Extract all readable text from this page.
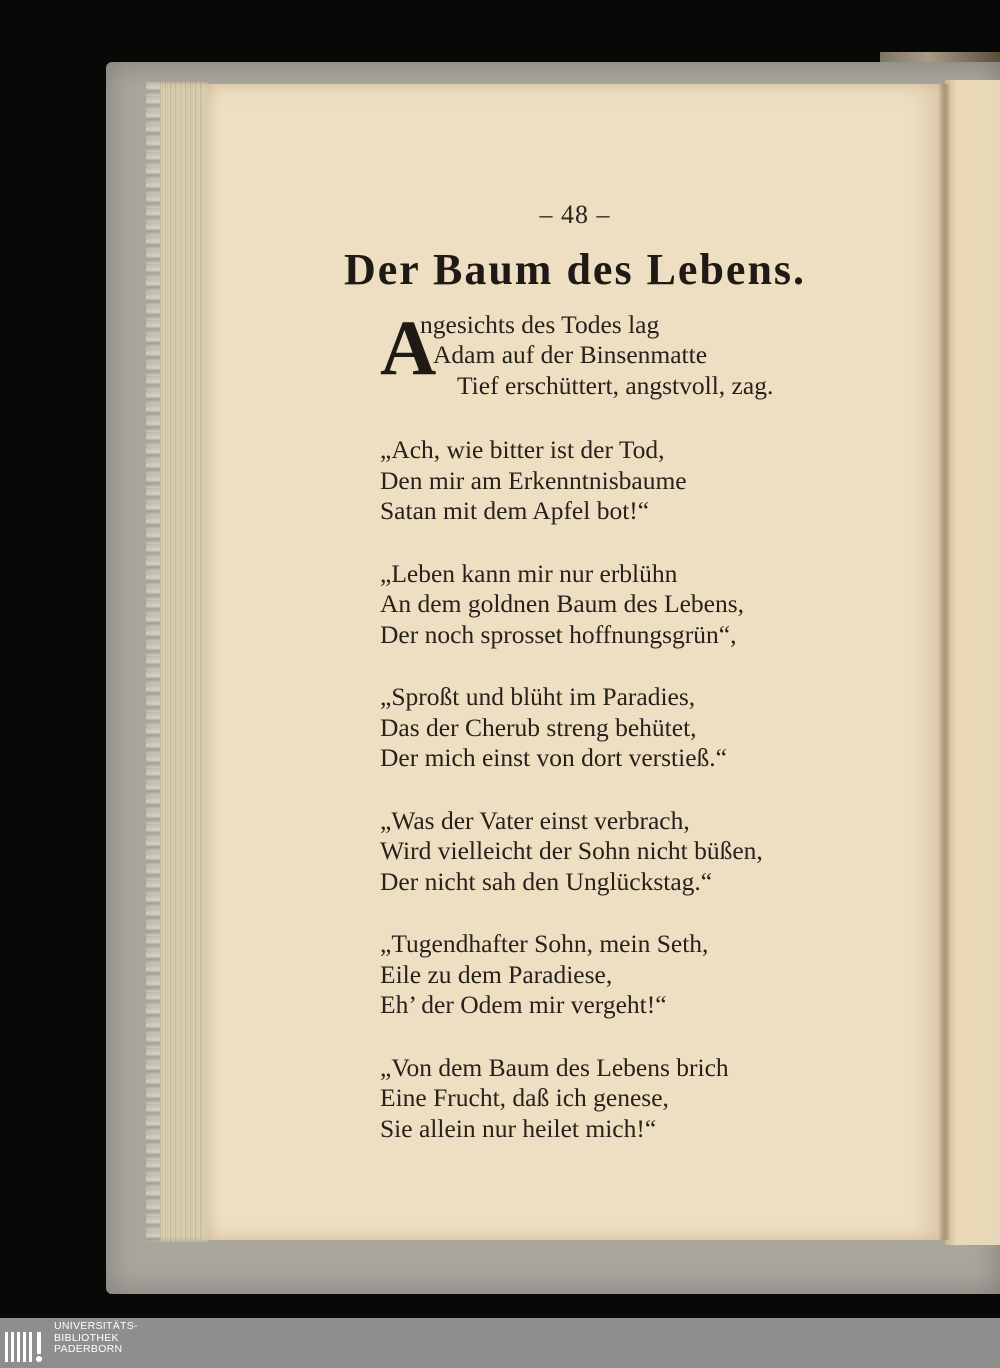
– 48 –
Der Baum des Lebens.
A
ngesichts des Todes lag
Adam auf der Binsenmatte
Tief erschüttert, angstvoll, zag.
„Ach, wie bitter ist der Tod,
Den mir am Erkenntnisbaume
Satan mit dem Apfel bot!“
„Leben kann mir nur erblühn
An dem goldnen Baum des Lebens,
Der noch sprosset hoffnungsgrün“,
„Sproßt und blüht im Paradies,
Das der Cherub streng behütet,
Der mich einst von dort verstieß.“
„Was der Vater einst verbrach,
Wird vielleicht der Sohn nicht büßen,
Der nicht sah den Unglückstag.“
„Tugendhafter Sohn, mein Seth,
Eile zu dem Paradiese,
Eh’ der Odem mir vergeht!“
„Von dem Baum des Lebens brich
Eine Frucht, daß ich genese,
Sie allein nur heilet mich!“
UNIVERSITÄTS-
BIBLIOTHEK
PADERBORN
